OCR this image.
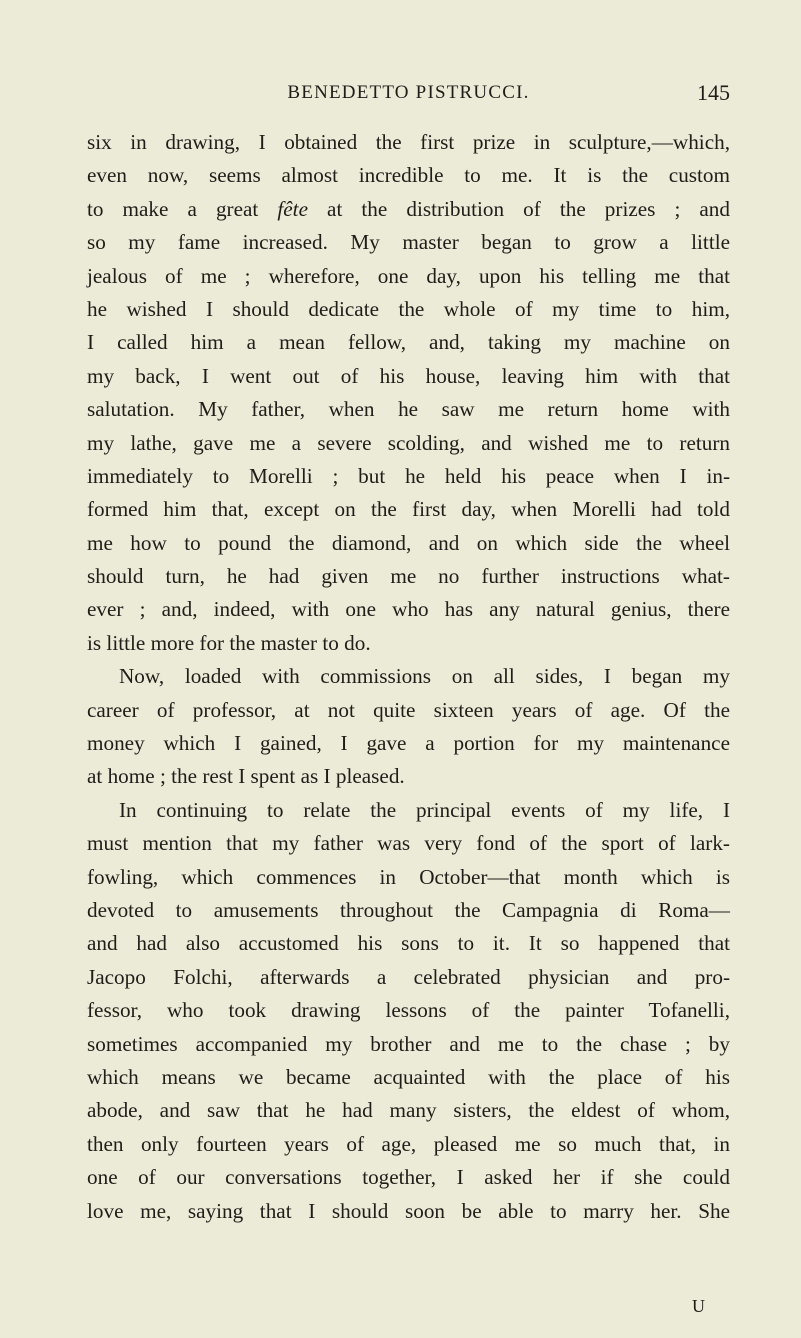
BENEDETTO PISTRUCCI.	145
six in drawing, I obtained the first prize in sculpture,—which,
even now, seems almost incredible to me. It is the custom
to make a great fête at the distribution of the prizes ; and
so my fame increased. My master began to grow a little
jealous of me ; wherefore, one day, upon his telling me that
he wished I should dedicate the whole of my time to him,
I called him a mean fellow, and, taking my machine on
my back, I went out of his house, leaving him with that
salutation. My father, when he saw me return home with
my lathe, gave me a severe scolding, and wished me to return
immediately to Morelli ; but he held his peace when I in-
formed him that, except on the first day, when Morelli had told
me how to pound the diamond, and on which side the wheel
should turn, he had given me no further instructions what-
ever ; and, indeed, with one who has any natural genius, there
is little more for the master to do.
Now, loaded with commissions on all sides, I began my
career of professor, at not quite sixteen years of age. Of the
money which I gained, I gave a portion for my maintenance
at home ; the rest I spent as I pleased.
In continuing to relate the principal events of my life, I
must mention that my father was very fond of the sport of lark-
fowling, which commences in October—that month which is
devoted to amusements throughout the Campagnia di Roma—
and had also accustomed his sons to it. It so happened that
Jacopo Folchi, afterwards a celebrated physician and pro-
fessor, who took drawing lessons of the painter Tofanelli,
sometimes accompanied my brother and me to the chase ; by
which means we became acquainted with the place of his
abode, and saw that he had many sisters, the eldest of whom,
then only fourteen years of age, pleased me so much that, in
one of our conversations together, I asked her if she could
love me, saying that I should soon be able to marry her. She
U
